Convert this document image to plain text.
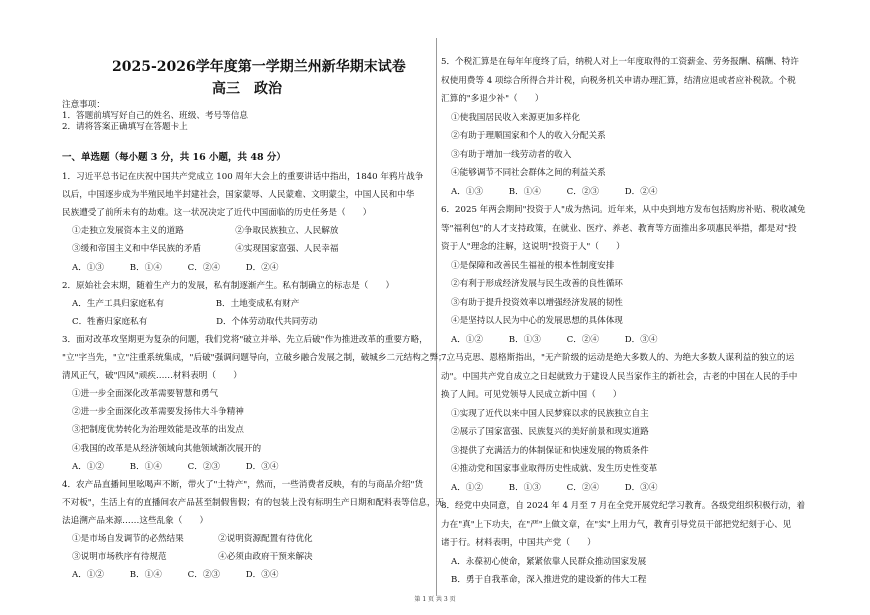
2025-2026学年度第一学期兰州新华期末试卷
高三　政治
注意事项：
1．答题前填写好自己的姓名、班级、考号等信息
2．请将答案正确填写在答题卡上
一、单选题（每小题 3 分，共 16 小题，共 48 分）
1．习近平总书记在庆祝中国共产党成立 100 周年大会上的重要讲话中指出，1840 年鸦片战争
以后，中国逐步成为半殖民地半封建社会，国家蒙辱、人民蒙难、文明蒙尘，中国人民和中华
民族遭受了前所未有的劫难。这一状况决定了近代中国面临的历史任务是（　　）
①走独立发展资本主义的道路　　　　　　②争取民族独立、人民解放
③缓和帝国主义和中华民族的矛盾　　　　④实现国家富强、人民幸福
A．①③　　　B．①④　　　C．②④　　　D．②④
2．原始社会末期，随着生产力的发展，私有制逐渐产生。私有制确立的标志是（　　）
A．生产工具归家庭私有　　　　　　B．土地变成私有财产
C．牲畜归家庭私有　　　　　　　　D．个体劳动取代共同劳动
3．面对改革攻坚期更为复杂的问题，我们党将"破立并举、先立后破"作为推进改革的重要方略，
"立"字当先，"立"注重系统集成，"后破"强调问题导向，立破乡融合发展之制，破城乡二元结构之弊；立
清风正气，破"四风"顽疾……材料表明（　　）
①进一步全面深化改革需要智慧和勇气
②进一步全面深化改革需要发扬伟大斗争精神
③把制度优势转化为治理效能是改革的出发点
④我国的改革是从经济领域向其他领域渐次展开的
A．①②　　　B．①④　　　C．②③　　　D．③④
4．农产品直播间里吆喝声不断，带火了"土特产"，然而，一些消费者反映，有的与商品介绍"货
不对板"，生活上有的直播间农产品甚至制假售假；有的包装上没有标明生产日期和配料表等信息，无
法追溯产品来源……这些乱象（　　）
①是市场自发调节的必然结果　　　　②说明资源配置有待优化
③说明市场秩序有待规范　　　　　　④必须由政府干预来解决
A．①②　　　B．①④　　　C．②③　　　D．③④
5．个税汇算是在每年年度终了后，纳税人对上一年度取得的工资薪金、劳务报酬、稿酬、特许
权使用费等 4 项综合所得合并计税，向税务机关申请办理汇算，结清应退或者应补税款。个税
汇算的"多退少补"（　　）
①使我国居民收入来源更加多样化
②有助于理顺国家和个人的收入分配关系
③有助于增加一线劳动者的收入
④能够调节不同社会群体之间的利益关系
A．①③　　　B．①④　　　C．②③　　　D．②④
6．2025 年两会期间"投资于人"成为热词。近年来，从中央到地方发布包括购房补贴、税收减免
等"福利包"的人才支持政策，在就业、医疗、养老、教育等方面推出多项惠民举措，都是对"投
资于人"理念的注解，这说明"投资于人"（　　）
①是保障和改善民生福祉的根本性制度安排
②有利于形成经济发展与民生改善的良性循环
③有助于提升投资效率以增强经济发展的韧性
④是坚持以人民为中心的发展思想的具体体现
A．①②　　　B．①③　　　C．②④　　　D．③④
7．马克思、恩格斯指出，"无产阶级的运动是绝大多数人的、为绝大多数人谋利益的独立的运
动"。中国共产党自成立之日起就致力于建设人民当家作主的新社会，古老的中国在人民的手中
换了人间。可见党领导人民成立新中国（　　）
①实现了近代以来中国人民梦寐以求的民族独立自主
②展示了国家富强、民族复兴的美好前景和现实道路
③提供了充满活力的体制保证和快速发展的物质条件
④推动党和国家事业取得历史性成就、发生历史性变革
A．①②　　　B．①③　　　C．②④　　　D．③④
8．经党中央同意，自 2024 年 4 月至 7 月在全党开展党纪学习教育。各级党组织积极行动，着
力在"真"上下功夫，在"严"上做文章，在"实"上用力气，教育引导党员干部把党纪刻于心、见
诸于行。材料表明，中国共产党（　　）
A．永葆初心使命，紧紧依靠人民群众推动国家发展
B．勇于自我革命，深入推进党的建设新的伟大工程
第 1 页 共 3 页
